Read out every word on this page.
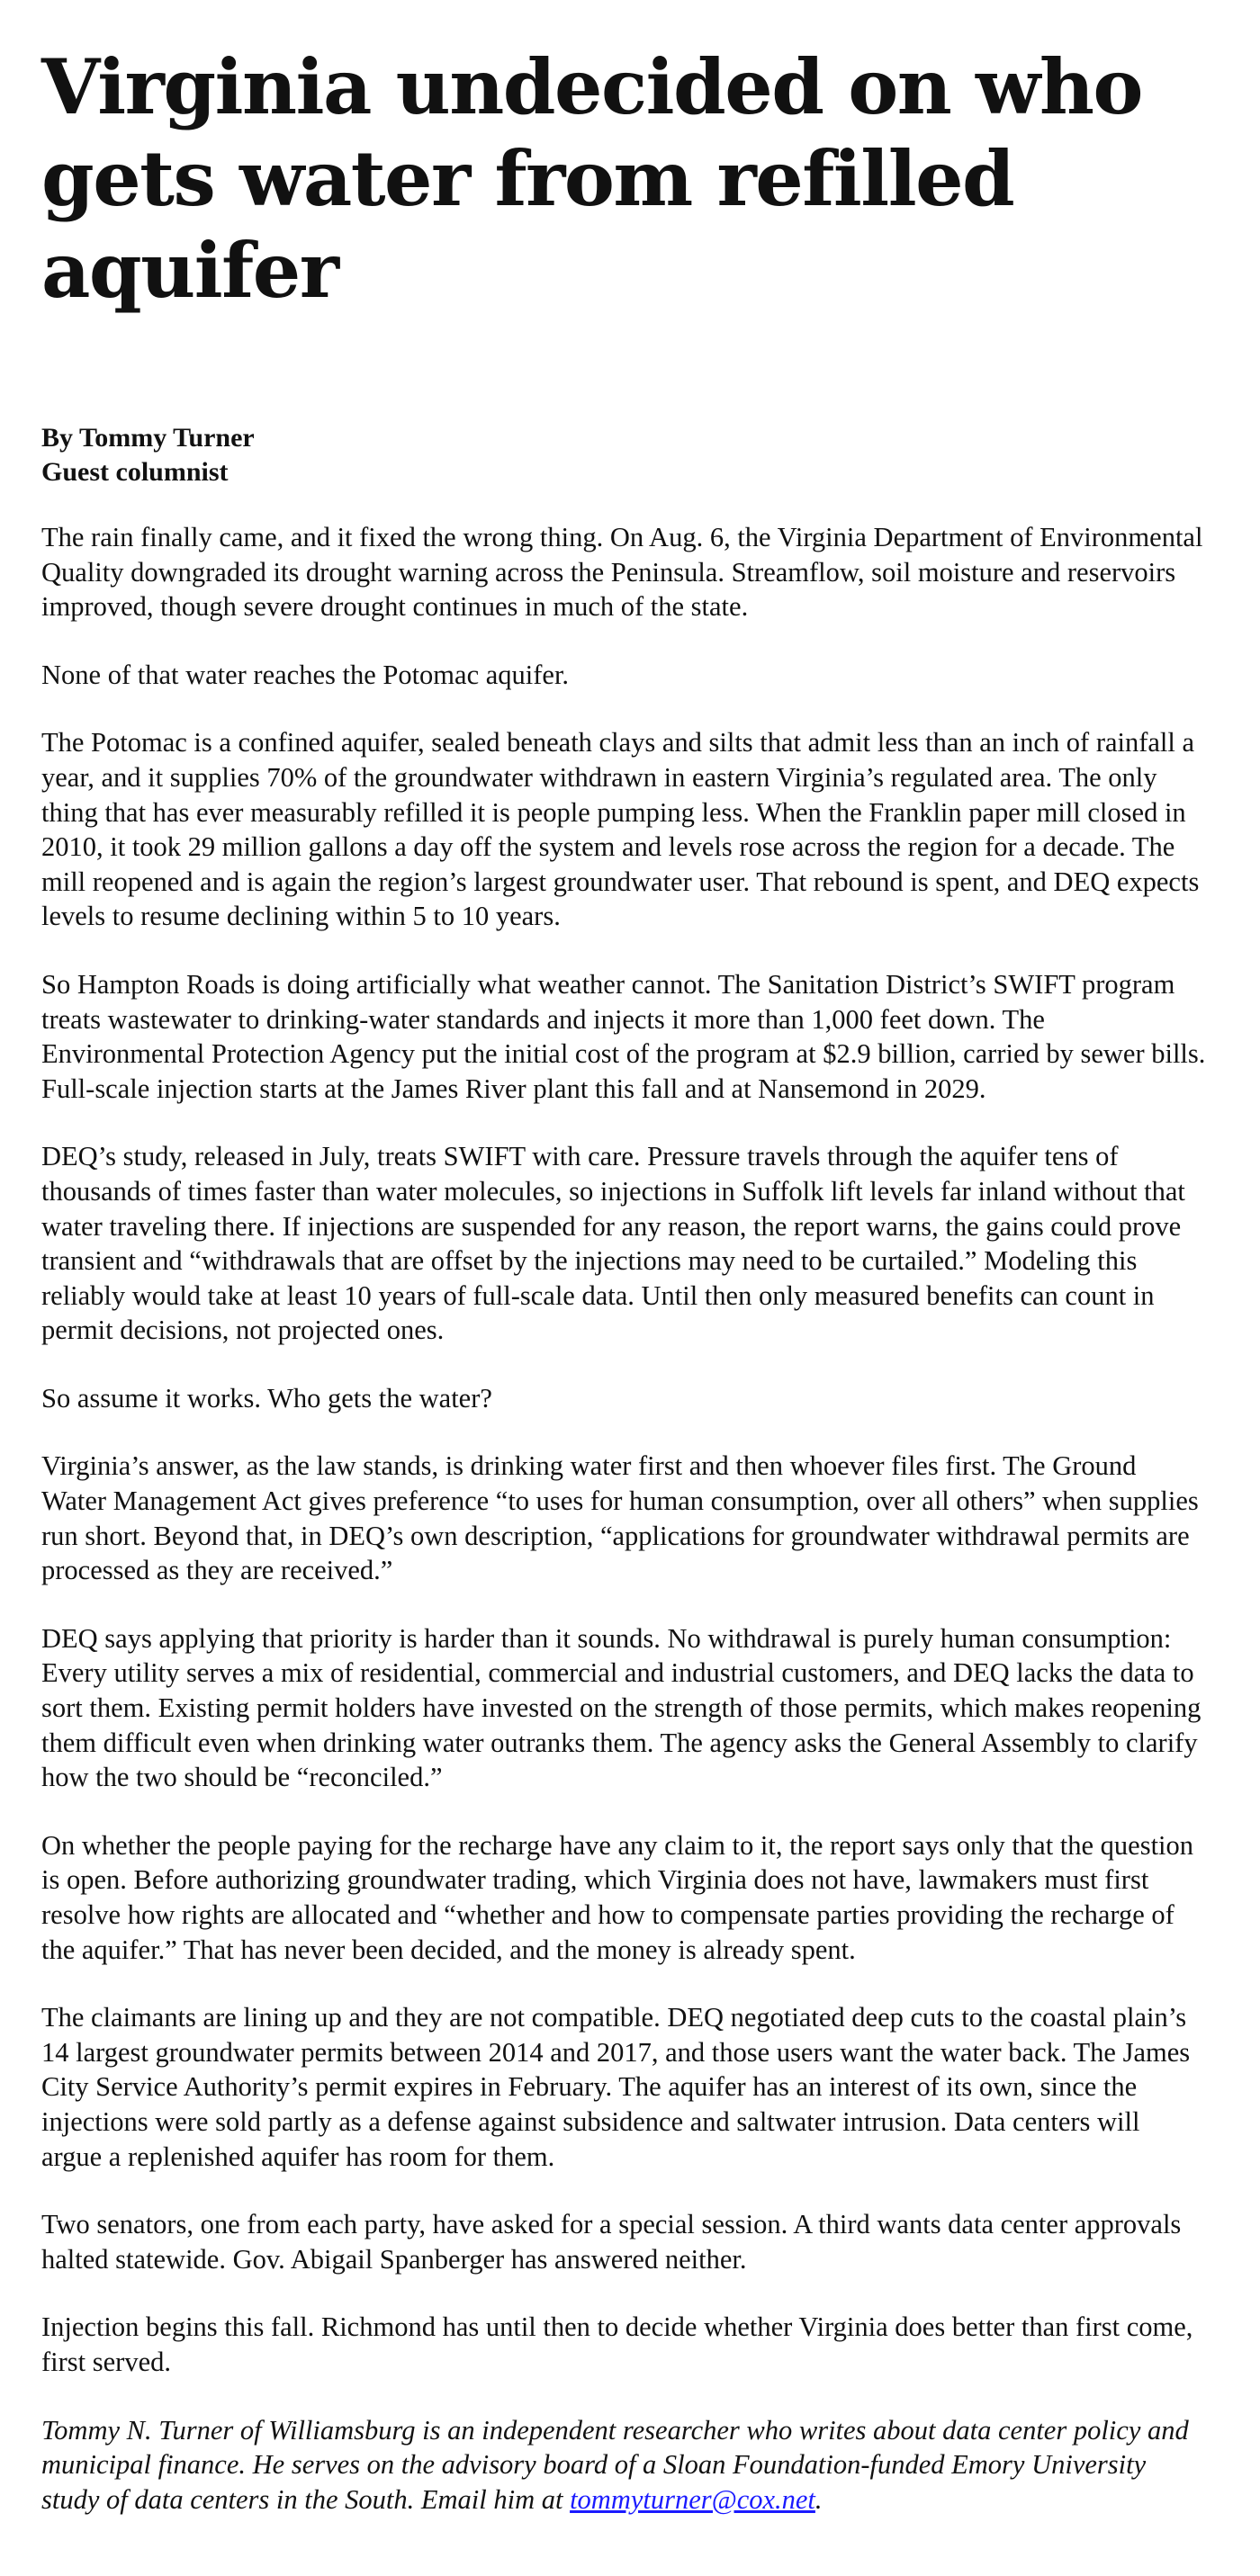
Virginia undecided on who gets water from refilled aquifer
By Tommy Turner
Guest columnist

The rain finally came, and it fixed the wrong thing. On Aug. 6, the Virginia Department of Environmental Quality downgraded its drought warning across the Peninsula. Streamflow, soil moisture and reservoirs improved, though severe drought continues in much of the state.

None of that water reaches the Potomac aquifer.

The Potomac is a confined aquifer, sealed beneath clays and silts that admit less than an inch of rainfall a year, and it supplies 70% of the groundwater withdrawn in eastern Virginia’s regulated area. The only thing that has ever measurably refilled it is people pumping less. When the Franklin paper mill closed in 2010, it took 29 million gallons a day off the system and levels rose across the region for a decade. The mill reopened and is again the region’s largest groundwater user. That rebound is spent, and DEQ expects levels to resume declining within 5 to 10 years.

So Hampton Roads is doing artificially what weather cannot. The Sanitation District’s SWIFT program treats wastewater to drinking-water standards and injects it more than 1,000 feet down. The Environmental Protection Agency put the initial cost of the program at $2.9 billion, carried by sewer bills. Full-scale injection starts at the James River plant this fall and at Nansemond in 2029.

DEQ’s study, released in July, treats SWIFT with care. Pressure travels through the aquifer tens of thousands of times faster than water molecules, so injections in Suffolk lift levels far inland without that water traveling there. If injections are suspended for any reason, the report warns, the gains could prove transient and “withdrawals that are offset by the injections may need to be curtailed.” Modeling this reliably would take at least 10 years of full-scale data. Until then only measured benefits can count in permit decisions, not projected ones.

So assume it works. Who gets the water?

Virginia’s answer, as the law stands, is drinking water first and then whoever files first. The Ground Water Management Act gives preference “to uses for human consumption, over all others” when supplies run short. Beyond that, in DEQ’s own description, “applications for groundwater withdrawal permits are processed as they are received.”

DEQ says applying that priority is harder than it sounds. No withdrawal is purely human consumption: Every utility serves a mix of residential, commercial and industrial customers, and DEQ lacks the data to sort them. Existing permit holders have invested on the strength of those permits, which makes reopening them difficult even when drinking water outranks them. The agency asks the General Assembly to clarify how the two should be “reconciled.”

On whether the people paying for the recharge have any claim to it, the report says only that the question is open. Before authorizing groundwater trading, which Virginia does not have, lawmakers must first resolve how rights are allocated and “whether and how to compensate parties providing the recharge of the aquifer.” That has never been decided, and the money is already spent.

The claimants are lining up and they are not compatible. DEQ negotiated deep cuts to the coastal plain’s 14 largest groundwater permits between 2014 and 2017, and those users want the water back. The James City Service Authority’s permit expires in February. The aquifer has an interest of its own, since the injections were sold partly as a defense against subsidence and saltwater intrusion. Data centers will argue a replenished aquifer has room for them.

Two senators, one from each party, have asked for a special session. A third wants data center approvals halted statewide. Gov. Abigail Spanberger has answered neither.

Injection begins this fall. Richmond has until then to decide whether Virginia does better than first come, first served.

Tommy N. Turner of Williamsburg is an independent researcher who writes about data center policy and municipal finance. He serves on the advisory board of a Sloan Foundation-funded Emory University study of data centers in the South. Email him at tommyturner@cox.net.
